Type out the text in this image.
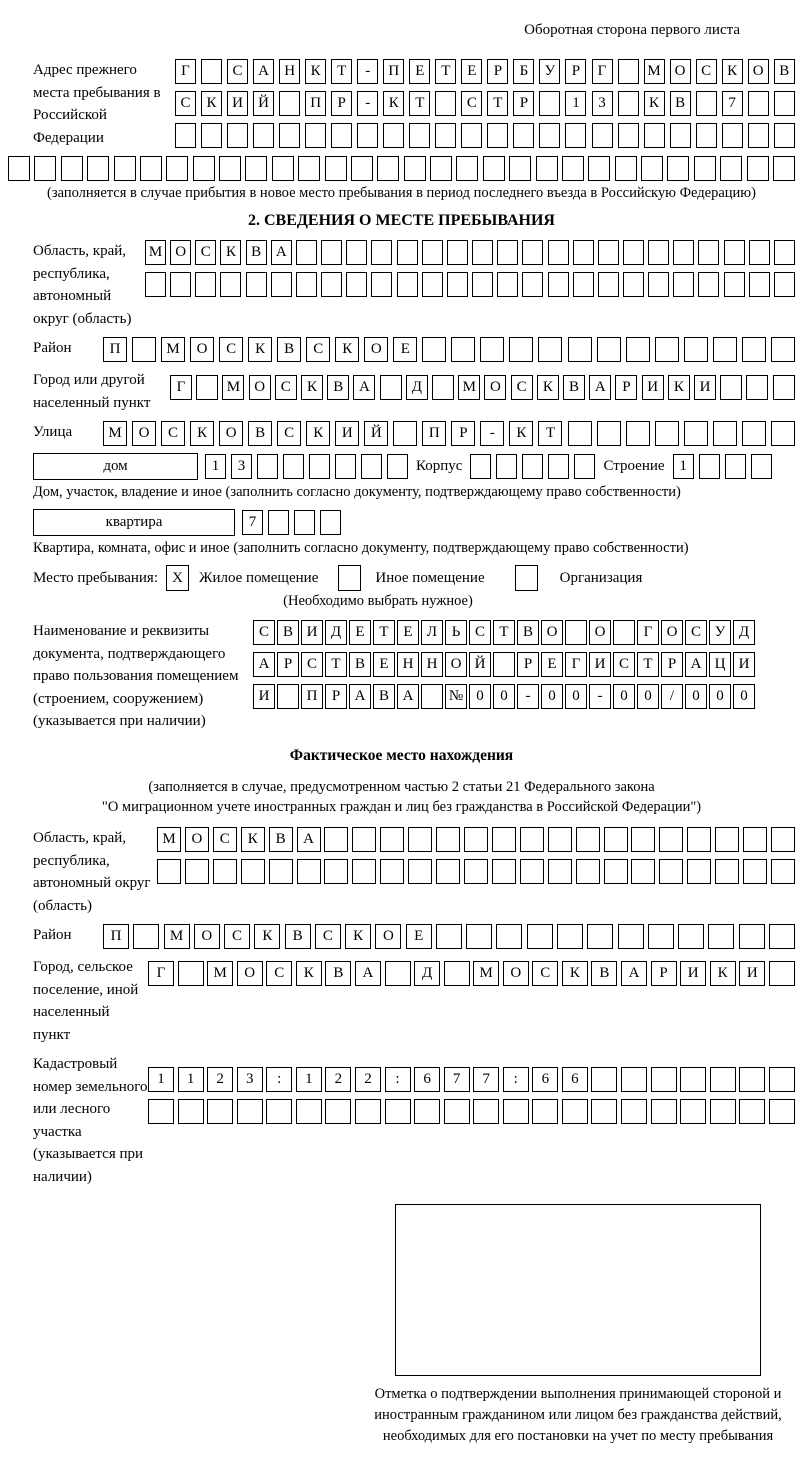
Оборотная сторона первого листа
Адрес прежнего места пребывания в Российской Федерации
Г	С	А	Н	К	Т	-	П	Е	Т	Е	Р	Б	У	Р	Г	М О	С	К	О	В
С	К	И	Й	П	Р	-	К	Т	С	Т	Р	1	3	К	В	7
(заполняется в случае прибытия в новое место пребывания в период последнего въезда в Российскую Федерацию)
2. СВЕДЕНИЯ О МЕСТЕ ПРЕБЫВАНИЯ
Область, край, республика, автономный округ (область)
М О С	К	В А
Район	П	М	О	С	К	В	С	К	О	Е
Город или другой населенный пункт
Г	М О	С	К	В	А	Д	М О	С	К	В	А	Р	И	К	И
Улица	М	О	С	К	О	В	С	К	И	Й	П	Р	-	К	Т
дом	1	3	Корпус	Строение 1
Дом, участок, владение и иное (заполнить согласно документу, подтверждающему право собственности)
квартира	7
Квартира, комната, офис и иное (заполнить согласно документу, подтверждающему право собственности)
Место пребывания: X	Жилое помещение	Иное помещение	Организация
(Необходимо выбрать нужное)
Наименование и реквизиты документа, подтверждающего право пользования помещением (строением, сооружением) (указывается при наличии)
С В И Д Е Т Е Л Ь С Т В О	О	Г О С У Д
А Р С Т В Е Н Н О Й	Р	Е	Г И С Т	Р А Ц И
И	П Р А В А	№ 0	0	-	0	0	-	0	0	/	0	0	0
Фактическое место нахождения
(заполняется в случае, предусмотренном частью 2 статьи 21 Федерального закона
"О миграционном учете иностранных граждан и лиц без гражданства в Российской Федерации")
Область, край, республика, автономный округ (область)
М	О	С	К	В	А
Район	П	М	О	С	К	В	С	К	О	Е
Город, сельское поселение, иной населенный пункт
Г	М	О	С	К	В	А	Д	М	О	С	К	В	А	Р	И	К	И
Кадастровый номер земельного или лесного участка (указывается при наличии)
1	1	2	3	:	1	2	2	:	6	7	7	:	6	6
Отметка о подтверждении выполнения принимающей стороной и иностранным гражданином или лицом без гражданства действий, необходимых для его постановки на учет по месту пребывания
